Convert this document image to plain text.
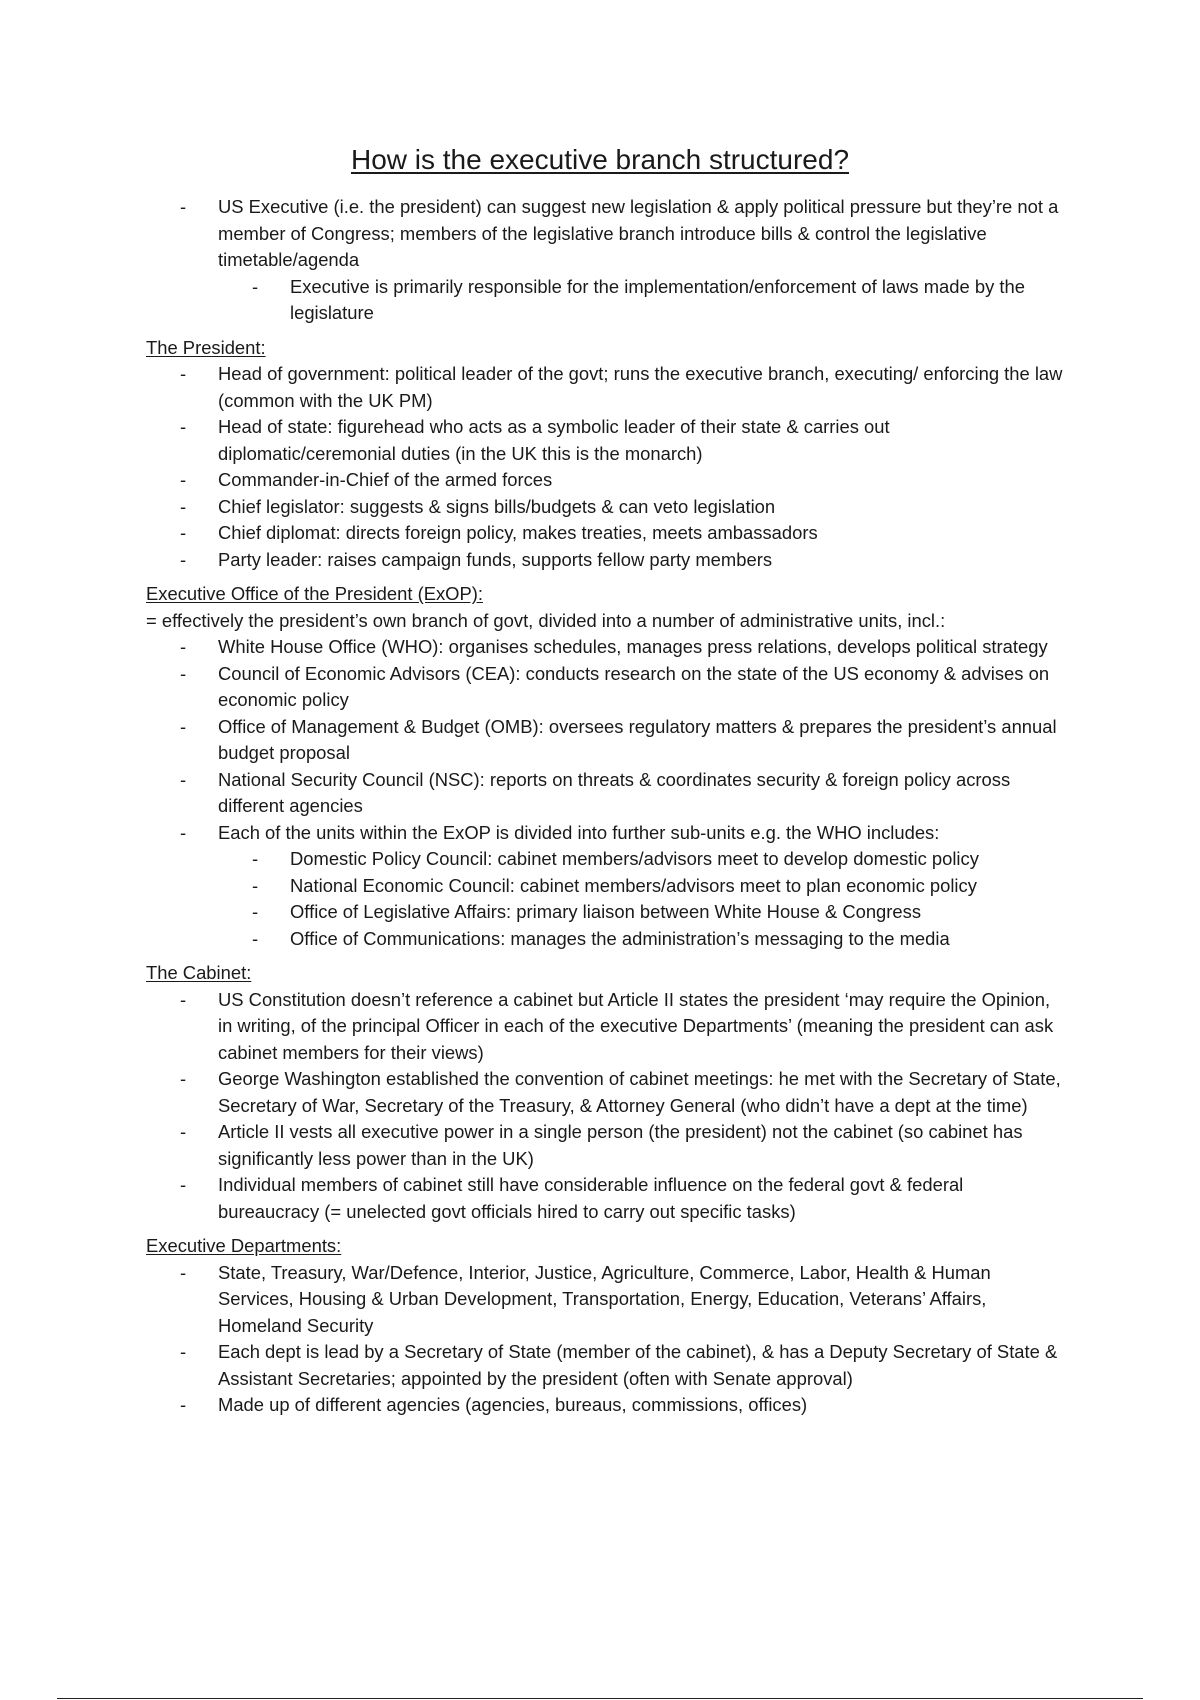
How is the executive branch structured?
- US Executive (i.e. the president) can suggest new legislation & apply political pressure but they’re not a member of Congress; members of the legislative branch introduce bills & control the legislative timetable/agenda
- Executive is primarily responsible for the implementation/enforcement of laws made by the legislature
The President:
- Head of government: political leader of the govt; runs the executive branch, executing/ enforcing the law (common with the UK PM)
- Head of state: figurehead who acts as a symbolic leader of their state & carries out diplomatic/ceremonial duties (in the UK this is the monarch)
- Commander-in-Chief of the armed forces
- Chief legislator: suggests & signs bills/budgets & can veto legislation
- Chief diplomat: directs foreign policy, makes treaties, meets ambassadors
- Party leader: raises campaign funds, supports fellow party members
Executive Office of the President (ExOP):

= effectively the president’s own branch of govt, divided into a number of administrative units, incl.:

- White House Office (WHO): organises schedules, manages press relations, develops political strategy
- Council of Economic Advisors (CEA): conducts research on the state of the US economy & advises on economic policy
- Office of Management & Budget (OMB): oversees regulatory matters & prepares the president’s annual budget proposal
- National Security Council (NSC): reports on threats & coordinates security & foreign policy across different agencies
- Each of the units within the ExOP is divided into further sub-units e.g. the WHO includes:
- Domestic Policy Council: cabinet members/advisors meet to develop domestic policy
- National Economic Council: cabinet members/advisors meet to plan economic policy
- Office of Legislative Affairs: primary liaison between White House & Congress
- Office of Communications: manages the administration’s messaging to the media
The Cabinet:
- US Constitution doesn’t reference a cabinet but Article II states the president ‘may require the Opinion, in writing, of the principal Officer in each of the executive Departments’ (meaning the president can ask cabinet members for their views)
- George Washington established the convention of cabinet meetings: he met with the Secretary of State, Secretary of War, Secretary of the Treasury, & Attorney General (who didn’t have a dept at the time)
- Article II vests all executive power in a single person (the president) not the cabinet (so cabinet has significantly less power than in the UK)
- Individual members of cabinet still have considerable influence on the federal govt & federal bureaucracy (= unelected govt officials hired to carry out specific tasks)
Executive Departments:
- State, Treasury, War/Defence, Interior, Justice, Agriculture, Commerce, Labor, Health & Human Services, Housing & Urban Development, Transportation, Energy, Education, Veterans’ Affairs, Homeland Security
- Each dept is lead by a Secretary of State (member of the cabinet), & has a Deputy Secretary of State & Assistant Secretaries; appointed by the president (often with Senate approval)
- Made up of different agencies (agencies, bureaus, commissions, offices)
